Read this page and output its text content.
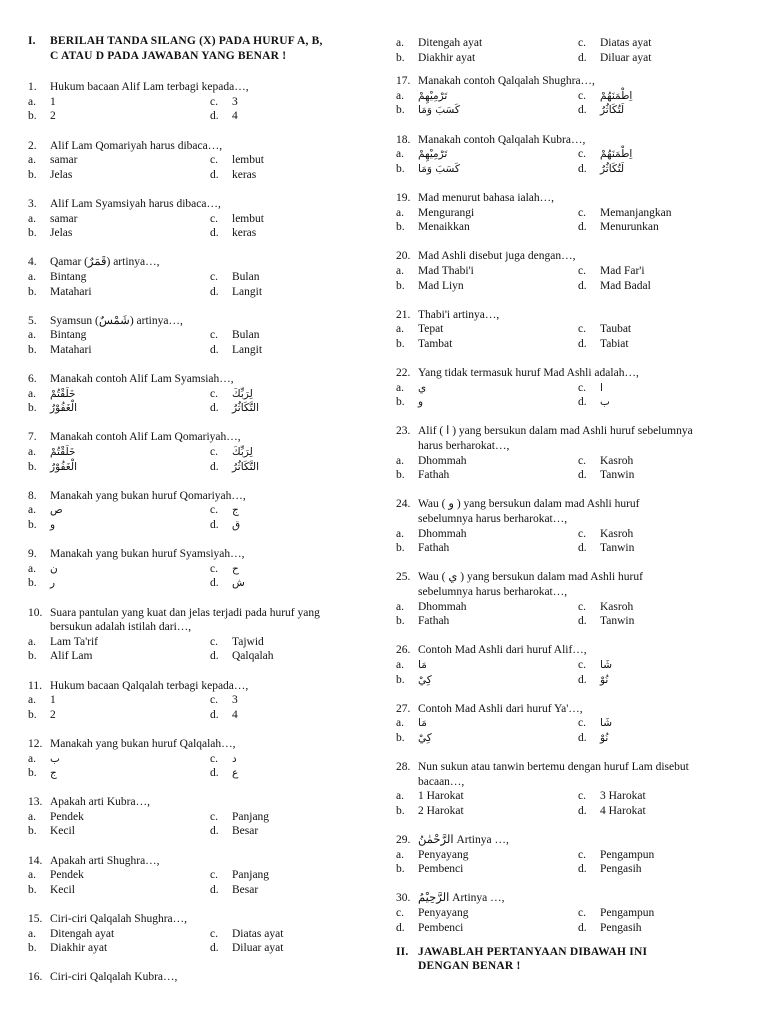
I.	BERILAH TANDA SILANG (X) PADA HURUF A, B,
C ATAU D PADA JAWABAN YANG BENAR !
1.	Hukum bacaan Alif Lam terbagi kepada…,
a.	1	c.	3
b.	2	d.	4
2.	Alif Lam Qomariyah harus dibaca…,
a.	samar	c.	lembut
b.	Jelas	d.	keras
3.	Alif Lam Syamsiyah harus dibaca…,
a.	samar	c.	lembut
b.	Jelas	d.	keras
4.	Qamar (قَمَرٌ) artinya…,
a.	Bintang	c.	Bulan
b.	Matahari	d.	Langit
5.	Syamsun (شَمْسٌ) artinya…,
a.	Bintang	c.	Bulan
b.	Matahari	d.	Langit
6.	Manakah contoh Alif Lam Syamsiah…,
a.	خَلَقْتُمْ	c.	لِرَبِّكَ
b.	الْغَفُوْرُ	d.	التَّكَاثُرُ
7.	Manakah contoh Alif Lam Qomariyah…,
a.	خَلَقْتُمْ	c.	لِرَبِّكَ
b.	الْغَفُوْرُ	d.	التَّكَاثُرُ
8.	Manakah yang bukan huruf Qomariyah…,
a.	ص	c.	ج
b.	و	d.	ق
9.	Manakah yang bukan huruf Syamsiyah…,
a.	ن	c.	ح
b.	ر	d.	ش
10. Suara pantulan yang kuat dan jelas terjadi pada huruf yang
bersukun adalah istilah dari…,
a.	Lam Ta'rif	c.	Tajwid
b.	Alif Lam	d.	Qalqalah
11. Hukum bacaan Qalqalah terbagi kepada…,
a.	1	c.	3
b.	2	d.	4
12. Manakah yang bukan huruf Qalqalah…,
a.	ب	c.	د
b.	ج	d.	ع
13. Apakah arti Kubra…,
a.	Pendek	c.	Panjang
b.	Kecil	d.	Besar
14. Apakah arti Shughra…,
a.	Pendek	c.	Panjang
b.	Kecil	d.	Besar
15. Ciri-ciri Qalqalah Shughra…,
a.	Ditengah ayat	c.	Diatas ayat
b.	Diakhir ayat	d.	Diluar ayat
16. Ciri-ciri Qalqalah Kubra…,
a.	Ditengah ayat	c.	Diatas ayat
b.	Diakhir ayat	d.	Diluar ayat
17. Manakah contoh Qalqalah Shughra…,
a.	تَرْمِيْهِمْ	c.	اِطْمَنَهُمْ
b.	كَسَبَ وَمَا	d.	لَتُكَاثُرُ
18. Manakah contoh Qalqalah Kubra…,
a.	تَرْمِيْهِمْ	c.	اِطْمَنَهُمْ
b.	كَسَبَ وَمَا	d.	لَتُكَاثُرُ
19. Mad menurut bahasa ialah…,
a.	Mengurangi	c.	Memanjangkan
b.	Menaikkan	d.	Menurunkan
20. Mad Ashli disebut juga dengan…,
a.	Mad Thabi'i	c.	Mad Far'i
b.	Mad Liyn	d.	Mad Badal
21. Thabi'i artinya…,
a.	Tepat	c.	Taubat
b.	Tambat	d.	Tabiat
22. Yang tidak termasuk huruf Mad Ashli adalah…,
a.	ي	c.	ا
b.	و	d.	ب
23. Alif ( ا ) yang bersukun dalam mad Ashli huruf sebelumnya
harus berharokat…,
a.	Dhommah	c.	Kasroh
b.	Fathah	d.	Tanwin
24. Wau ( و ) yang bersukun dalam mad Ashli huruf
sebelumnya harus berharokat…,
a.	Dhommah	c.	Kasroh
b.	Fathah	d.	Tanwin
25. Wau ( ي ) yang bersukun dalam mad Ashli huruf
sebelumnya harus berharokat…,
a.	Dhommah	c.	Kasroh
b.	Fathah	d.	Tanwin
26. Contoh Mad Ashli dari huruf Alif…,
a.	مَا	c.	شَا
b.	كِيْ	d.	نُوْ
27. Contoh Mad Ashli dari huruf Ya'…,
a.	مَا	c.	شَا
b.	كِيْ	d.	نُوْ
28. Nun sukun atau tanwin bertemu dengan huruf Lam disebut
bacaan…,
a.	1 Harokat	c.	3 Harokat
b.	2 Harokat	d.	4 Harokat
29. الرَّحْمٰنُ Artinya …,
a.	Penyayang	c.	Pengampun
b.	Pembenci	d.	Pengasih
30. الرَّحِيْمُ Artinya …,
c.	Penyayang	c.	Pengampun
d.	Pembenci	d.	Pengasih
II. JAWABLAH PERTANYAAN DIBAWAH INI
DENGAN BENAR !
